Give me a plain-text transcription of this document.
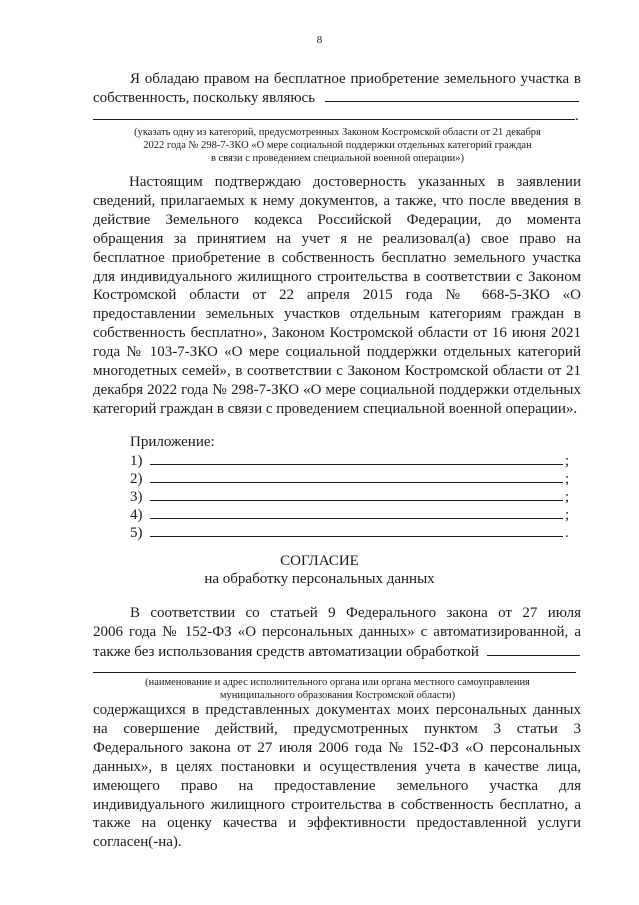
8
Я обладаю правом на бесплатное приобретение земельного участка в
собственность, поскольку являюсь
.
(указать одну из категорий, предусмотренных Законом Костромской области от 21 декабря
2022 года № 298-7-ЗКО «О мере социальной поддержки отдельных категорий граждан
в связи с проведением специальной военной операции»)
Настоящим подтверждаю достоверность указанных в заявлении сведений, прилагаемых к нему документов, а также, что после введения в действие Земельного кодекса Российской Федерации, до момента обращения за принятием на учет я не реализовал(а) свое право на бесплатное приобретение в собственность бесплатно земельного участка для индивидуального жилищного строительства в соответствии с Законом Костромской области от 22 апреля 2015 года № 668-5-ЗКО «О предоставлении земельных участков отдельным категориям граждан в собственность бесплатно», Законом Костромской области от 16 июня 2021 года № 103-7-ЗКО «О мере социальной поддержки отдельных категорий многодетных семей», в соответствии с Законом Костромской области от 21 декабря 2022 года № 298-7-ЗКО «О мере социальной поддержки отдельных категорий граждан в связи с проведением специальной военной операции».
Приложение:
1)	;
2)	;
3)	;
4)	;
5)	.
СОГЛАСИЕ
на обработку персональных данных
В соответствии со статьей 9 Федерального закона от 27 июля
2006 года № 152-ФЗ «О персональных данных» с автоматизированной, а
также без использования средств автоматизации обработкой
(наименование и адрес исполнительного органа или органа местного самоуправления
муниципального образования Костромской области)
содержащихся в представленных документах моих персональных данных на совершение действий, предусмотренных пунктом 3 статьи 3 Федерального закона от 27 июля 2006 года № 152-ФЗ «О персональных данных», в целях постановки и осуществления учета в качестве лица, имеющего право на предоставление земельного участка для индивидуального жилищного строительства в собственность бесплатно, а также на оценку качества и эффективности предоставленной услуги согласен(-на).
